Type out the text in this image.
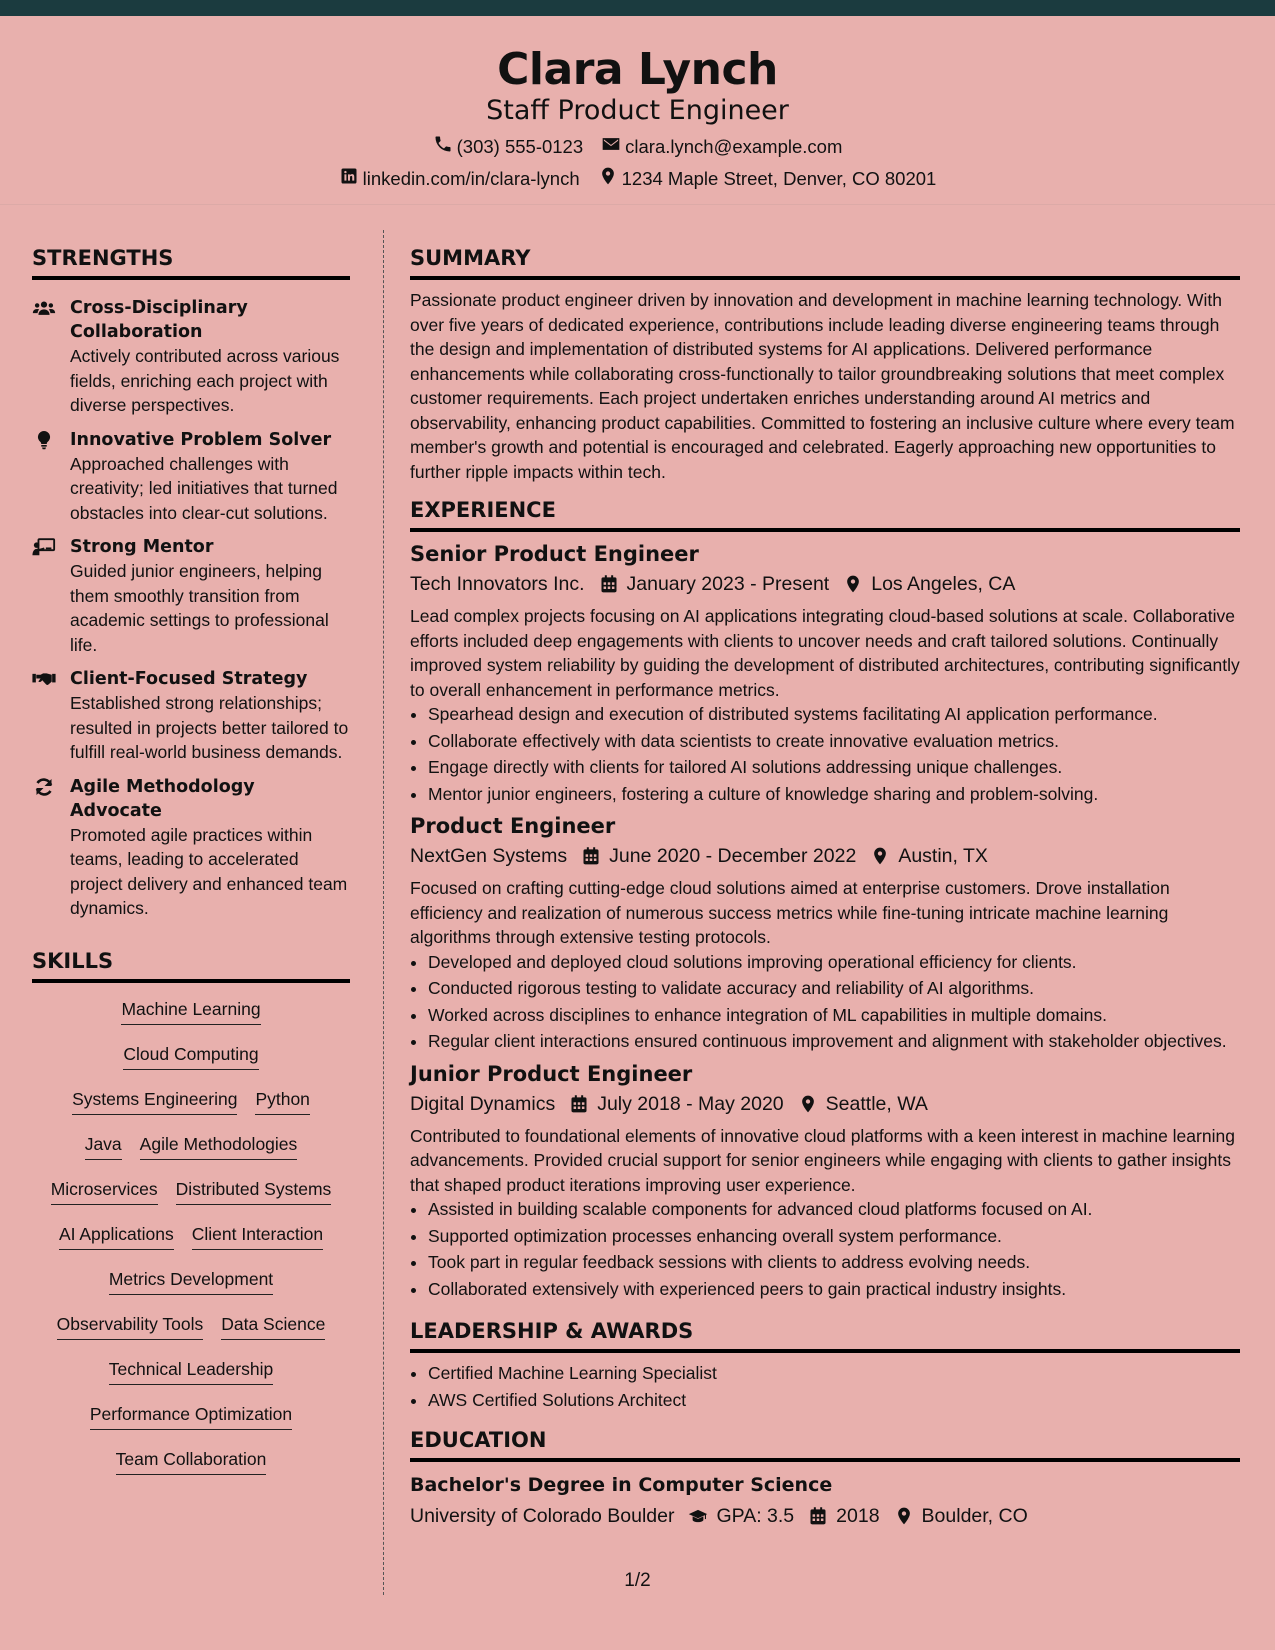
Clara Lynch
Staff Product Engineer
(303) 555-0123 clara.lynch@example.com
linkedin.com/in/clara-lynch 1234 Maple Street, Denver, CO 80201
STRENGTHS
Cross-Disciplinary Collaboration
Actively contributed across various fields, enriching each project with diverse perspectives.
Innovative Problem Solver
Approached challenges with creativity; led initiatives that turned obstacles into clear-cut solutions.
Strong Mentor
Guided junior engineers, helping them smoothly transition from academic settings to professional life.
Client-Focused Strategy
Established strong relationships; resulted in projects better tailored to fulfill real-world business demands.
Agile Methodology Advocate
Promoted agile practices within teams, leading to accelerated project delivery and enhanced team dynamics.
SKILLS
Machine Learning
Cloud Computing
Systems Engineering Python
Java Agile Methodologies
Microservices Distributed Systems
AI Applications Client Interaction
Metrics Development
Observability Tools Data Science
Technical Leadership
Performance Optimization
Team Collaboration
SUMMARY

Passionate product engineer driven by innovation and development in machine learning technology. With over five years of dedicated experience, contributions include leading diverse engineering teams through the design and implementation of distributed systems for AI applications. Delivered performance enhancements while collaborating cross-functionally to tailor groundbreaking solutions that meet complex customer requirements. Each project undertaken enriches understanding around AI metrics and observability, enhancing product capabilities. Committed to fostering an inclusive culture where every team member's growth and potential is encouraged and celebrated. Eagerly approaching new opportunities to further ripple impacts within tech.

EXPERIENCE
Senior Product Engineer
Tech Innovators Inc. January 2023 - Present Los Angeles, CA
Lead complex projects focusing on AI applications integrating cloud-based solutions at scale. Collaborative efforts included deep engagements with clients to uncover needs and craft tailored solutions. Continually improved system reliability by guiding the development of distributed architectures, contributing significantly to overall enhancement in performance metrics.
• Spearhead design and execution of distributed systems facilitating AI application performance.
• Collaborate effectively with data scientists to create innovative evaluation metrics.
• Engage directly with clients for tailored AI solutions addressing unique challenges.
• Mentor junior engineers, fostering a culture of knowledge sharing and problem-solving.
Product Engineer
NextGen Systems June 2020 - December 2022 Austin, TX
Focused on crafting cutting-edge cloud solutions aimed at enterprise customers. Drove installation efficiency and realization of numerous success metrics while fine-tuning intricate machine learning algorithms through extensive testing protocols.
• Developed and deployed cloud solutions improving operational efficiency for clients.
• Conducted rigorous testing to validate accuracy and reliability of AI algorithms.
• Worked across disciplines to enhance integration of ML capabilities in multiple domains.
• Regular client interactions ensured continuous improvement and alignment with stakeholder objectives.
Junior Product Engineer
Digital Dynamics July 2018 - May 2020 Seattle, WA
Contributed to foundational elements of innovative cloud platforms with a keen interest in machine learning advancements. Provided crucial support for senior engineers while engaging with clients to gather insights that shaped product iterations improving user experience.
• Assisted in building scalable components for advanced cloud platforms focused on AI.
• Supported optimization processes enhancing overall system performance.
• Took part in regular feedback sessions with clients to address evolving needs.
• Collaborated extensively with experienced peers to gain practical industry insights.
LEADERSHIP & AWARDS
• Certified Machine Learning Specialist
• AWS Certified Solutions Architect
EDUCATION
Bachelor's Degree in Computer Science
University of Colorado Boulder GPA: 3.5 2018 Boulder, CO
1/2
